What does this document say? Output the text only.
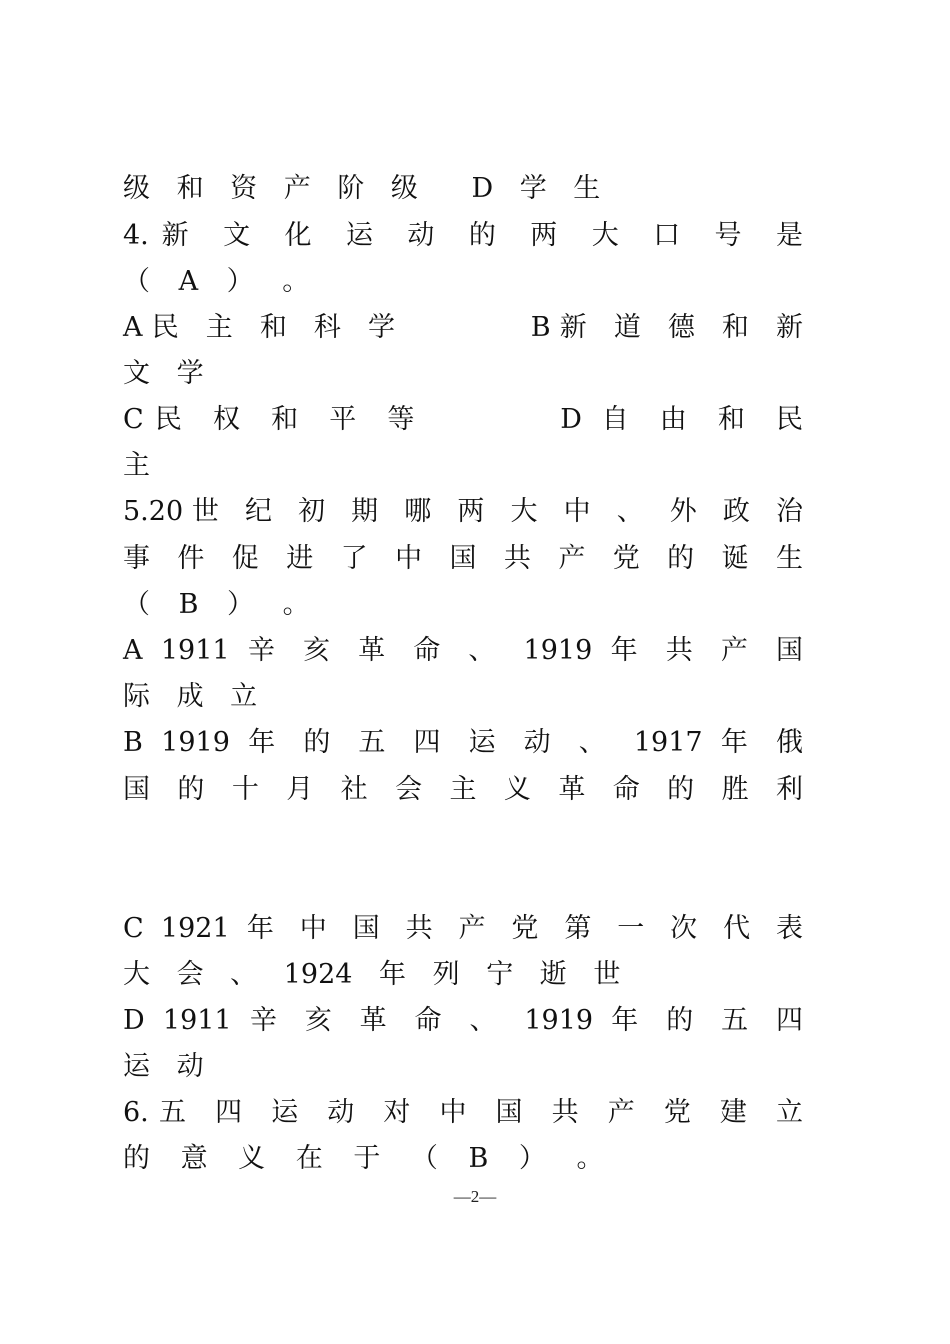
级 和 资 产 阶 级　 D 学 生
4.新 文 化 运 动 的 两 大 口 号 是
（ A ） 。
A民 主 和 科 学　　　 B新 道 德 和 新
文 学
C民 权 和 平 等　　　 D 自 由 和 民
主
5.20世 纪 初 期 哪 两 大 中 、 外 政 治
事 件 促 进 了 中 国 共 产 党 的 诞 生
（ B ） 。
A 1911 辛 亥 革 命 、 1919 年 共 产 国
际 成 立
B 1919 年 的 五 四 运 动 、 1917 年 俄
国 的 十 月 社 会 主 义 革 命 的 胜 利
C 1921 年 中 国 共 产 党 第 一 次 代 表
大 会 、 1924 年 列 宁 逝 世
D 1911 辛 亥 革 命 、 1919 年 的 五 四
运 动
6.五 四 运 动 对 中 国 共 产 党 建 立
的 意 义 在 于 （ B ） 。
—2—
